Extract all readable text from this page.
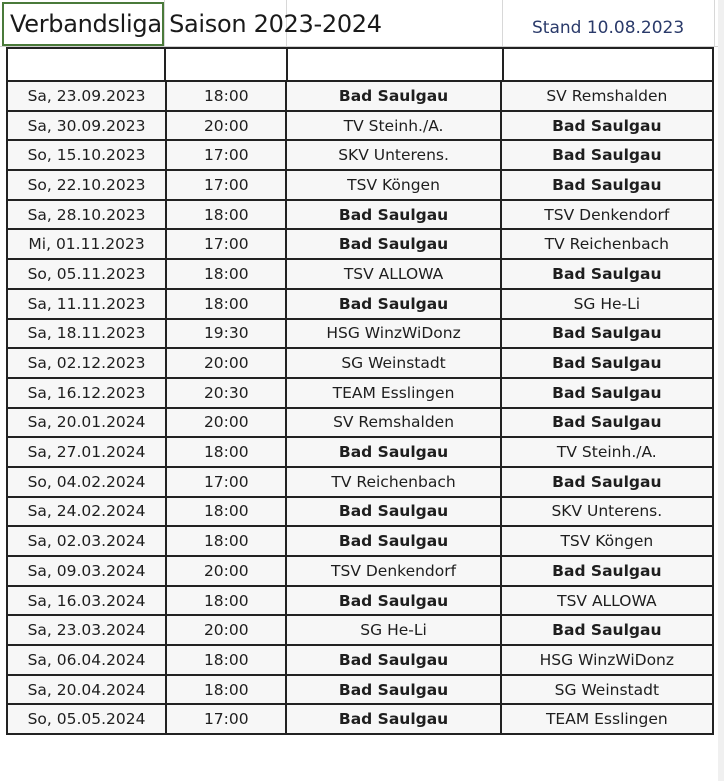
Verbandsliga Saison 2023-2024	Stand 10.08.2023
Sa, 23.09.2023	18:00	Bad Saulgau	SV Remshalden
Sa, 30.09.2023	20:00	TV Steinh./A.	Bad Saulgau
So, 15.10.2023	17:00	SKV Unterens.	Bad Saulgau
So, 22.10.2023	17:00	TSV Köngen	Bad Saulgau
Sa, 28.10.2023	18:00	Bad Saulgau	TSV Denkendorf
Mi, 01.11.2023	17:00	Bad Saulgau	TV Reichenbach
So, 05.11.2023	18:00	TSV ALLOWA	Bad Saulgau
Sa, 11.11.2023	18:00	Bad Saulgau	SG He-Li
Sa, 18.11.2023	19:30	HSG WinzWiDonz	Bad Saulgau
Sa, 02.12.2023	20:00	SG Weinstadt	Bad Saulgau
Sa, 16.12.2023	20:30	TEAM Esslingen	Bad Saulgau
Sa, 20.01.2024	20:00	SV Remshalden	Bad Saulgau
Sa, 27.01.2024	18:00	Bad Saulgau	TV Steinh./A.
So, 04.02.2024	17:00	TV Reichenbach	Bad Saulgau
Sa, 24.02.2024	18:00	Bad Saulgau	SKV Unterens.
Sa, 02.03.2024	18:00	Bad Saulgau	TSV Köngen
Sa, 09.03.2024	20:00	TSV Denkendorf	Bad Saulgau
Sa, 16.03.2024	18:00	Bad Saulgau	TSV ALLOWA
Sa, 23.03.2024	20:00	SG He-Li	Bad Saulgau
Sa, 06.04.2024	18:00	Bad Saulgau	HSG WinzWiDonz
Sa, 20.04.2024	18:00	Bad Saulgau	SG Weinstadt
So, 05.05.2024	17:00	Bad Saulgau	TEAM Esslingen
